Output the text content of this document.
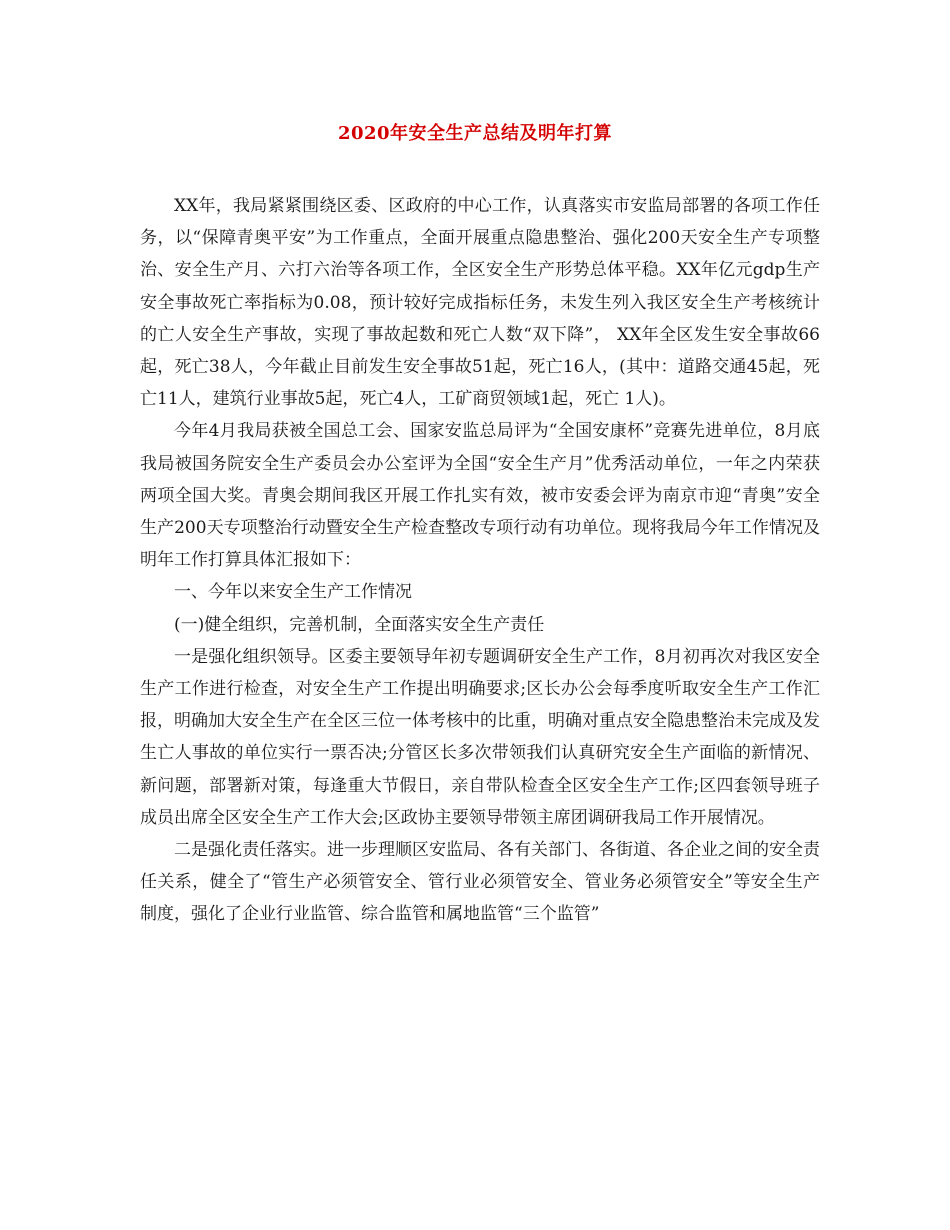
2020年安全生产总结及明年打算

XX年，我局紧紧围绕区委、区政府的中心工作，认真落实市安监局部署的各项工作任务，以“保障青奥平安”为工作重点，全面开展重点隐患整治、强化200天安全生产专项整治、安全生产月、六打六治等各项工作，全区安全生产形势总体平稳。XX年亿元gdp生产安全事故死亡率指标为0.08，预计较好完成指标任务，未发生列入我区安全生产考核统计的亡人安全生产事故，实现了事故起数和死亡人数“双下降”， XX年全区发生安全事故66起，死亡38人，今年截止目前发生安全事故51起，死亡16人，(其中：道路交通45起，死亡11人，建筑行业事故5起，死亡4人，工矿商贸领域1起，死亡 1人)。

今年4月我局获被全国总工会、国家安监总局评为“全国安康杯”竞赛先进单位，8月底我局被国务院安全生产委员会办公室评为全国“安全生产月”优秀活动单位，一年之内荣获两项全国大奖。青奥会期间我区开展工作扎实有效，被市安委会评为南京市迎“青奥”安全生产200天专项整治行动暨安全生产检查整改专项行动有功单位。现将我局今年工作情况及明年工作打算具体汇报如下：

一、今年以来安全生产工作情况

(一)健全组织，完善机制，全面落实安全生产责任

一是强化组织领导。区委主要领导年初专题调研安全生产工作，8月初再次对我区安全生产工作进行检查，对安全生产工作提出明确要求;区长办公会每季度听取安全生产工作汇报，明确加大安全生产在全区三位一体考核中的比重，明确对重点安全隐患整治未完成及发生亡人事故的单位实行一票否决;分管区长多次带领我们认真研究安全生产面临的新情况、新问题，部署新对策，每逢重大节假日，亲自带队检查全区安全生产工作;区四套领导班子成员出席全区安全生产工作大会;区政协主要领导带领主席团调研我局工作开展情况。

二是强化责任落实。进一步理顺区安监局、各有关部门、各街道、各企业之间的安全责任关系，健全了“管生产必须管安全、管行业必须管安全、管业务必须管安全”等安全生产制度，强化了企业行业监管、综合监管和属地监管“三个监管”
